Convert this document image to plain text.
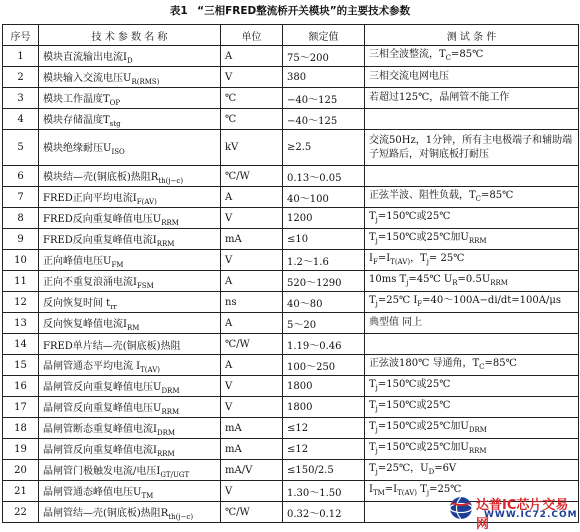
表1 “三相FRED整流桥开关模块”的主要技术参数
序号	技 术 参 数 名 称	单位	额定值	测 试 条 件
1	模块直流输出电流$I_D$	A	75～200	三相全波整流，$T_C=85℃$
2	模块输入交流电压$U_{R(RMS)}$	V	380	三相交流电网电压
3	模块工作温度$T_{OP}$	℃	−40～125	若超过125℃，晶闸管不能工作
4	模块存储温度$T_{stg}$	℃	−40～125	
5	模块绝缘耐压$U_{ISO}$	kV	≥2.5	交流50Hz，1分钟，所有主电极端子和辅助端子短路后，对铜底板打耐压
6	模块结—壳(铜底板)热阻$R_{th(j-c)}$	℃/W	0.13～0.05	
7	FRED正向平均电流$I_{F(AV)}$	A	40～100	正弦半波、阻性负载，$T_C=85℃$
8	FRED反向重复峰值电压$U_{RRM}$	V	1200	$T_j=150℃$或25℃
9	FRED反向重复峰值电流$I_{RRM}$	mA	≤10	$T_j=150℃$或25℃加$U_{RRM}$
10	正向峰值电压$U_{FM}$	V	1.2～1.6	$I_F=I_{T(AV)}$，$T_j=$ 25℃
11	正向不重复浪涌电流$I_{FSM}$	A	520～1290	10ms $T_j=45℃$ $U_R=0.5U_{RRM}$
12	反向恢复时间 $t_{rr}$	ns	40～80	$T_j=25℃$ $I_F=40\sim 100A-di/dt=100A/\mu s$
13	反向恢复峰值电流$I_{RM}$	A	5～20	典型值 同上
14	FRED单片结—壳(铜底板)热阻	℃/W	1.19～0.46	
15	晶闸管通态平均电流 $I_{T(AV)}$	A	100～250	正弦波180℃ 导通角，$T_C=85℃$
16	晶闸管反向重复峰值电压$U_{DRM}$	V	1800	$T_j=150℃$或25℃
17	晶闸管反向重复峰值电压$U_{RRM}$	V	1800	$T_j=150℃$或25℃
18	晶闸管断态重复峰值电流$I_{DRM}$	mA	≤12	$T_j=150℃$或25℃加$U_{DRM}$
19	晶闸管反向重复峰值电流$I_{RRM}$	mA	≤12	$T_j=150℃$或25℃加$U_{RRM}$
20	晶闸管门极触发电流/电压$I_{GT/UGT}$	mA/V	≤150/2.5	$T_j=25℃$，$U_D=6V$
21	晶闸管通态峰值电压$U_{TM}$	V	1.30～1.50	$I_{TM}=I_{T(AV)}$ $T_j=25℃$
22	晶闸管结—壳(铜底板)热阻$R_{th(j-c)}$	℃/W	0.32～0.12	
达普IC芯片交易网
WWW.IC72.COM
